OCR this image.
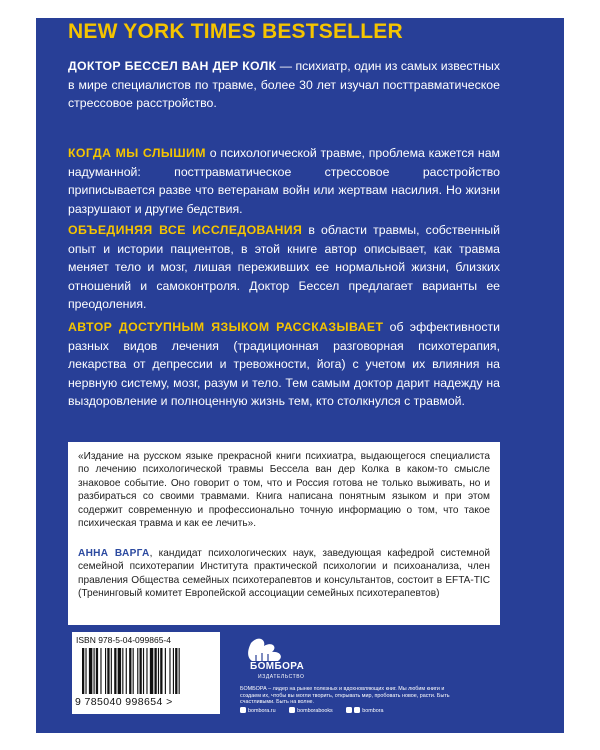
NEW YORK TIMES BESTSELLER
ДОКТОР БЕССЕЛ ВАН ДЕР КОЛК — психиатр, один из самых известных в мире специалистов по травме, более 30 лет изучал посттравматическое стрессовое расстройство.
КОГДА МЫ СЛЫШИМ о психологической травме, проблема кажется нам надуманной: посттравматическое стрессовое расстройство приписывается разве что ветеранам войн или жертвам насилия. Но жизни разрушают и другие бедствия.
ОБЪЕДИНЯЯ ВСЕ ИССЛЕДОВАНИЯ в области травмы, собственный опыт и истории пациентов, в этой книге автор описывает, как травма меняет тело и мозг, лишая переживших ее нормальной жизни, близких отношений и самоконтроля. Доктор Бессел предлагает варианты ее преодоления.
АВТОР ДОСТУПНЫМ ЯЗЫКОМ РАССКАЗЫВАЕТ об эффективности разных видов лечения (традиционная разговорная психотерапия, лекарства от депрессии и тревожности, йога) с учетом их влияния на нервную систему, мозг, разум и тело. Тем самым доктор дарит надежду на выздоровление и полноценную жизнь тем, кто столкнулся с травмой.
«Издание на русском языке прекрасной книги психиатра, выдающегося специалиста по лечению психологической травмы Бессела ван дер Колка в каком-то смысле знаковое событие. Оно говорит о том, что и Россия готова не только выживать, но и разбираться со своими травмами. Книга написана понятным языком и при этом содержит современную и профессионально точную информацию о том, что такое психическая травма и как ее лечить».
АННА ВАРГА, кандидат психологических наук, заведующая кафедрой системной семейной психотерапии Института практической психологии и психоанализа, член правления Общества семейных психотерапевтов и консультантов, состоит в EFTA-TIC (Тренинговый комитет Европейской ассоциации семейных психотерапевтов)
ISBN 978-5-04-099865-4
9 785040 998654 >
БОМБОРА
ИЗДАТЕЛЬСТВО
БОМБОРА – лидер на рынке полезных и вдохновляющих книг. Мы любим книги и создаем их, чтобы вы могли творить, открывать мир, пробовать новое, расти. Быть счастливыми. Быть на волне.
bombora.ru	bomborabooks	bombora
